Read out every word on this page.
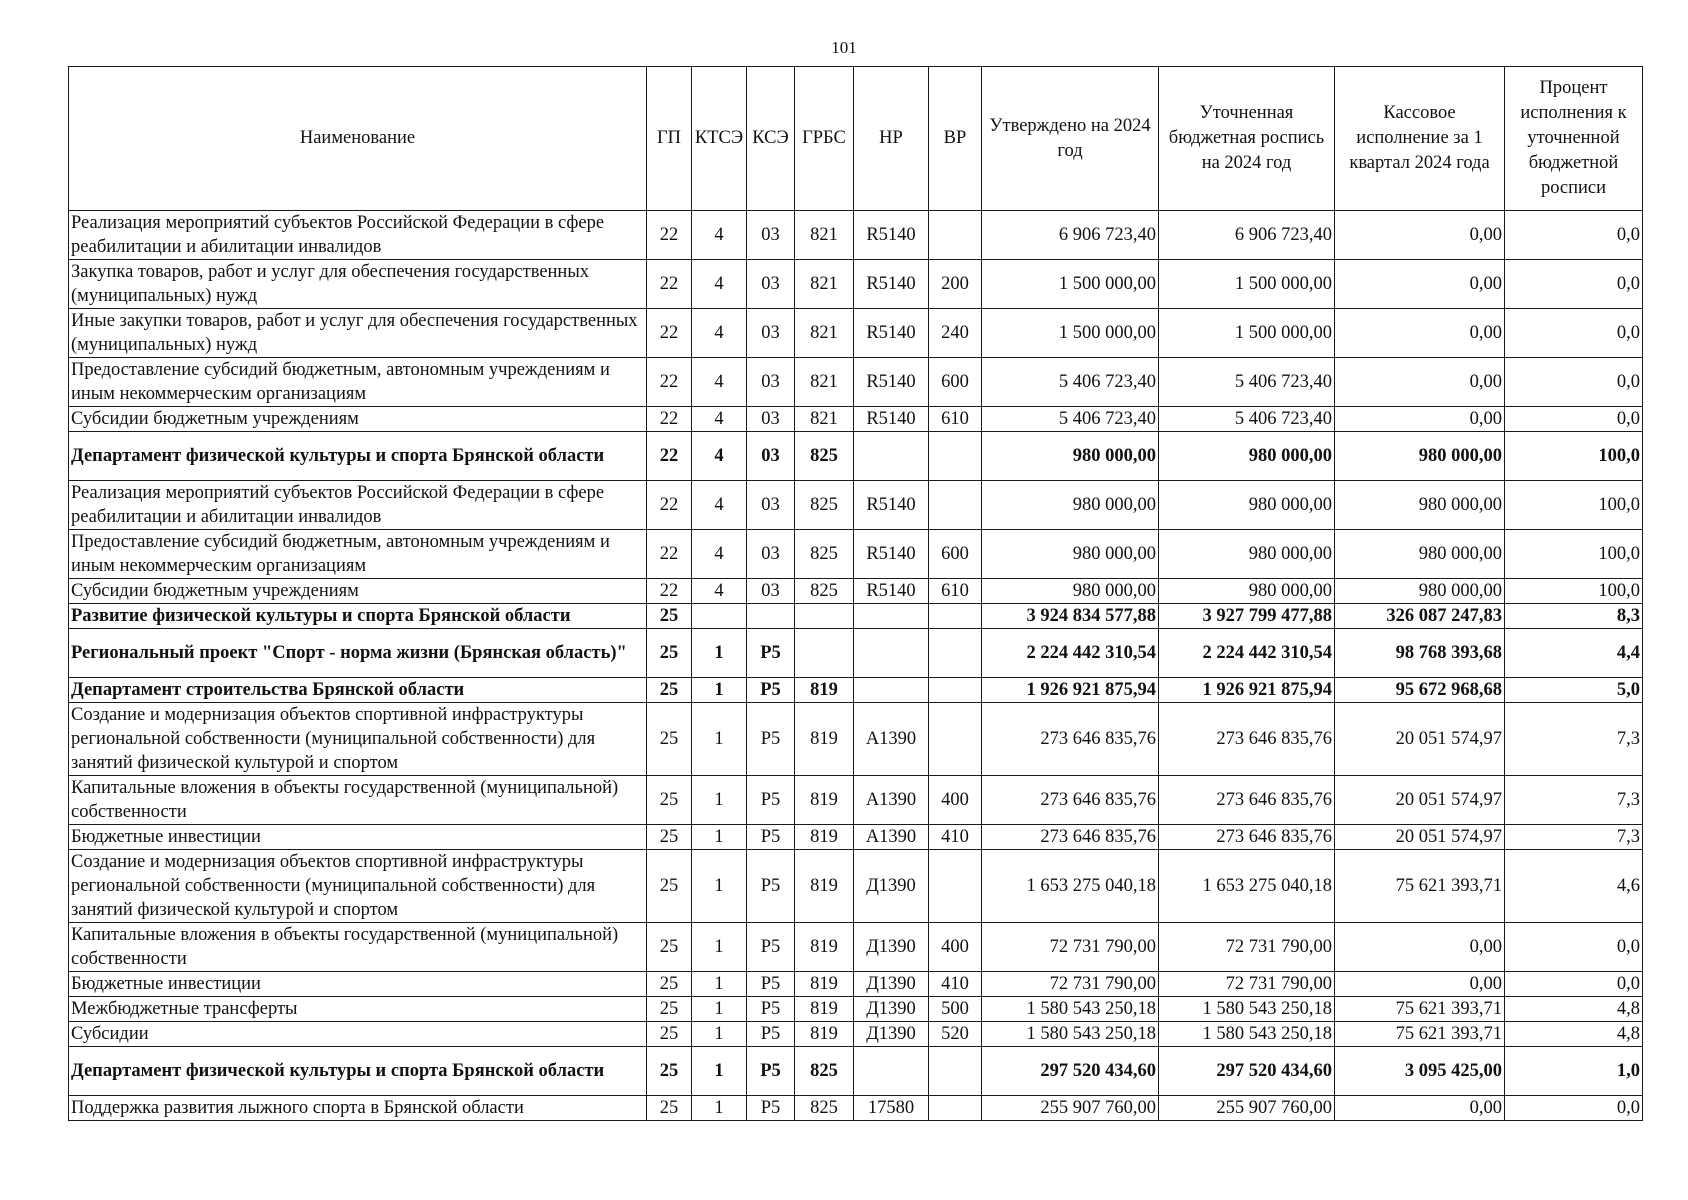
101
Наименование	ГП	КТСЭ	КСЭ	ГРБС	НР	ВР	Утверждено на 2024 год	Уточненная бюджетная роспись на 2024 год	Кассовое исполнение за 1 квартал 2024 года	Процент исполнения к уточненной бюджетной росписи
Реализация мероприятий субъектов Российской Федерации в сфере реабилитации и абилитации инвалидов	22	4	03	821	R5140		6 906 723,40	6 906 723,40	0,00	0,0
Закупка товаров, работ и услуг для обеспечения государственных (муниципальных) нужд	22	4	03	821	R5140	200	1 500 000,00	1 500 000,00	0,00	0,0
Иные закупки товаров, работ и услуг для обеспечения государственных (муниципальных) нужд	22	4	03	821	R5140	240	1 500 000,00	1 500 000,00	0,00	0,0
Предоставление субсидий бюджетным, автономным учреждениям и иным некоммерческим организациям	22	4	03	821	R5140	600	5 406 723,40	5 406 723,40	0,00	0,0
Субсидии бюджетным учреждениям	22	4	03	821	R5140	610	5 406 723,40	5 406 723,40	0,00	0,0
Департамент физической культуры и спорта Брянской области	22	4	03	825			980 000,00	980 000,00	980 000,00	100,0
Реализация мероприятий субъектов Российской Федерации в сфере реабилитации и абилитации инвалидов	22	4	03	825	R5140		980 000,00	980 000,00	980 000,00	100,0
Предоставление субсидий бюджетным, автономным учреждениям и иным некоммерческим организациям	22	4	03	825	R5140	600	980 000,00	980 000,00	980 000,00	100,0
Субсидии бюджетным учреждениям	22	4	03	825	R5140	610	980 000,00	980 000,00	980 000,00	100,0
Развитие физической культуры и спорта Брянской области	25						3 924 834 577,88	3 927 799 477,88	326 087 247,83	8,3
Региональный проект "Спорт - норма жизни (Брянская область)"	25	1	P5				2 224 442 310,54	2 224 442 310,54	98 768 393,68	4,4
Департамент строительства Брянской области	25	1	P5	819			1 926 921 875,94	1 926 921 875,94	95 672 968,68	5,0
Создание и модернизация объектов спортивной инфраструктуры региональной собственности (муниципальной собственности) для занятий физической культурой и спортом	25	1	P5	819	A1390		273 646 835,76	273 646 835,76	20 051 574,97	7,3
Капитальные вложения в объекты государственной (муниципальной) собственности	25	1	P5	819	A1390	400	273 646 835,76	273 646 835,76	20 051 574,97	7,3
Бюджетные инвестиции	25	1	P5	819	A1390	410	273 646 835,76	273 646 835,76	20 051 574,97	7,3
Создание и модернизация объектов спортивной инфраструктуры региональной собственности (муниципальной собственности) для занятий физической культурой и спортом	25	1	P5	819	Д1390		1 653 275 040,18	1 653 275 040,18	75 621 393,71	4,6
Капитальные вложения в объекты государственной (муниципальной) собственности	25	1	P5	819	Д1390	400	72 731 790,00	72 731 790,00	0,00	0,0
Бюджетные инвестиции	25	1	P5	819	Д1390	410	72 731 790,00	72 731 790,00	0,00	0,0
Межбюджетные трансферты	25	1	P5	819	Д1390	500	1 580 543 250,18	1 580 543 250,18	75 621 393,71	4,8
Субсидии	25	1	P5	819	Д1390	520	1 580 543 250,18	1 580 543 250,18	75 621 393,71	4,8
Департамент физической культуры и спорта Брянской области	25	1	P5	825			297 520 434,60	297 520 434,60	3 095 425,00	1,0
Поддержка развития лыжного спорта в Брянской области	25	1	P5	825	17580		255 907 760,00	255 907 760,00	0,00	0,0
